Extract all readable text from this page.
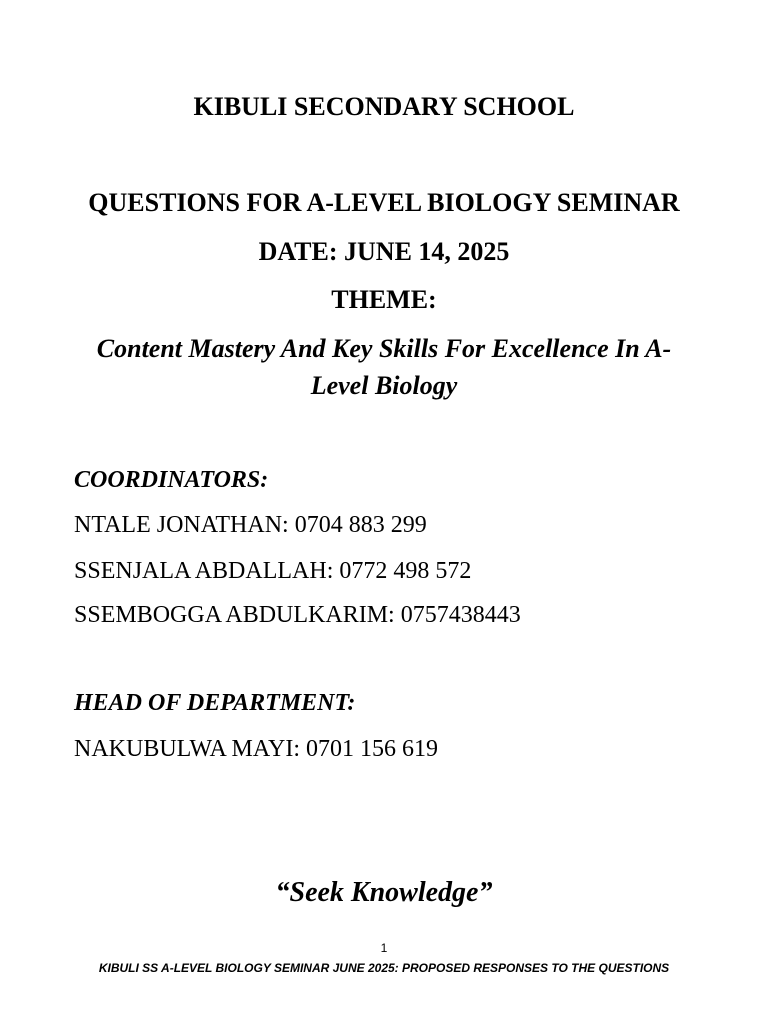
KIBULI SECONDARY SCHOOL
QUESTIONS FOR A-LEVEL BIOLOGY SEMINAR
DATE: JUNE 14, 2025
THEME:
Content Mastery And Key Skills For Excellence In A-
Level Biology
COORDINATORS:
NTALE JONATHAN: 0704 883 299
SSENJALA ABDALLAH: 0772 498 572
SSEMBOGGA ABDULKARIM: 0757438443
HEAD OF DEPARTMENT:
NAKUBULWA MAYI: 0701 156 619
“Seek Knowledge”
1
KIBULI SS A-LEVEL BIOLOGY SEMINAR JUNE 2025: PROPOSED RESPONSES TO THE QUESTIONS
